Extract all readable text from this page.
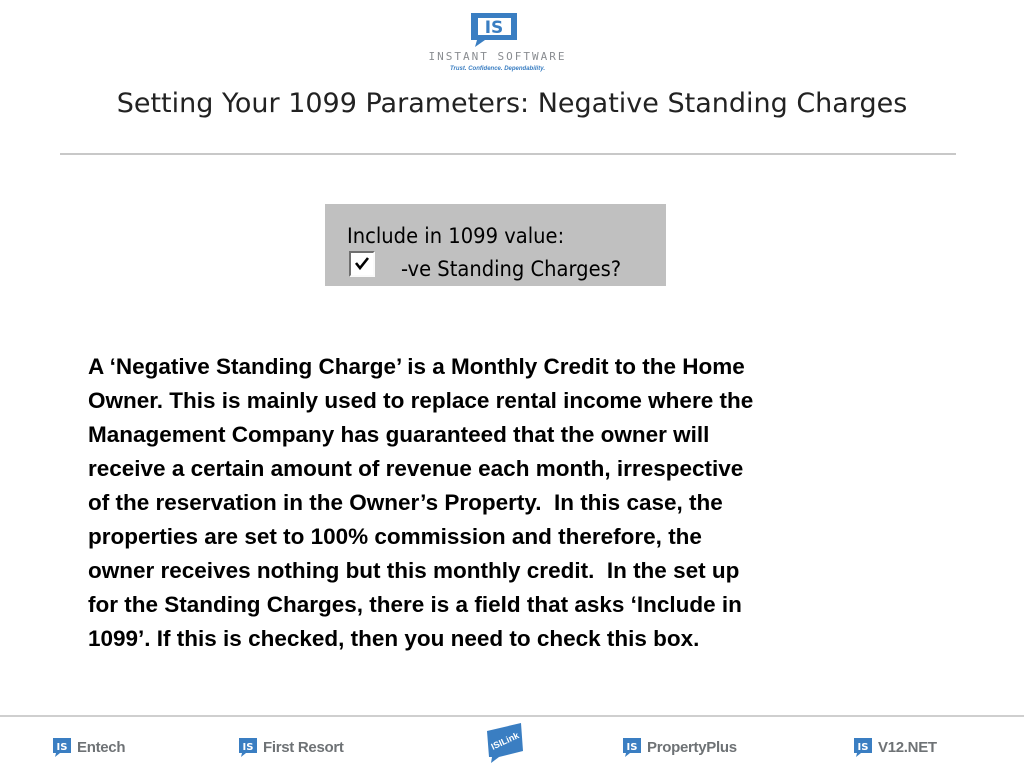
IS
INSTANT SOFTWARE
Trust. Confidence. Dependability.
Setting Your 1099 Parameters: Negative Standing Charges
Include in 1099 value:
-ve Standing Charges?
A ‘Negative Standing Charge’ is a Monthly Credit to the Home
Owner. This is mainly used to replace rental income where the
Management Company has guaranteed that the owner will
receive a certain amount of revenue each month, irrespective
of the reservation in the Owner’s Property.  In this case, the
properties are set to 100% commission and therefore, the
owner receives nothing but this monthly credit.  In the set up
for the Standing Charges, there is a field that asks ‘Include in
1099’. If this is checked, then you need to check this box.
IS Entech	IS First Resort	ISILink	IS PropertyPlus	IS V12.NET
